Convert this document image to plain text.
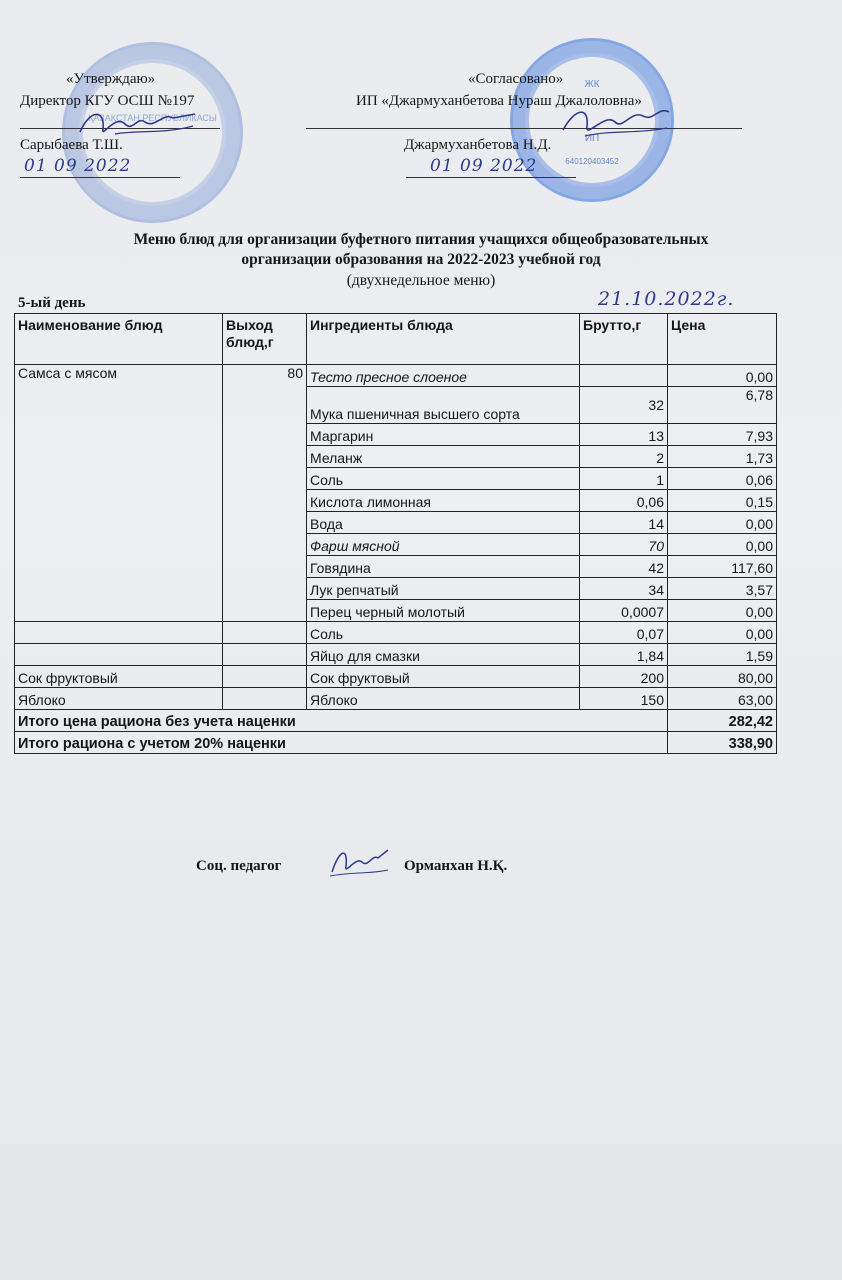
ҚАЗАҚСТАН РЕСПУБЛИКАСЫ
ЖК
ИП
640120403452
«Утверждаю»
Директор КГУ ОСШ №197
Сарыбаева Т.Ш.
01 09 2022
«Согласовано»
ИП «Джармуханбетова Нураш Джалоловна»
Джармуханбетова Н.Д.
01 09 2022
Меню блюд для организации буфетного питания учащихся общеобразовательных
организации образования на 2022-2023 учебной год
(двухнедельное меню)
5-ый день	21.10.2022г.
Наименование блюд	Выход блюд,г	Ингредиенты блюда	Брутто,г	Цена
Самса с мясом	80	Тесто пресное слоеное		0,00
		Мука пшеничная высшего сорта	32	6,78
		Маргарин	13	7,93
		Меланж	2	1,73
		Соль	1	0,06
		Кислота лимонная	0,06	0,15
		Вода	14	0,00
		Фарш мясной	70	0,00
		Говядина	42	117,60
		Лук репчатый	34	3,57
		Перец черный молотый	0,0007	0,00
		Соль	0,07	0,00
		Яйцо для смазки	1,84	1,59
Сок фруктовый		Сок фруктовый	200	80,00
Яблоко		Яблоко	150	63,00
Итого цена рациона без учета наценки				282,42
Итого рациона с учетом 20% наценки				338,90
Соц. педагог	Орманхан Н.Қ.
